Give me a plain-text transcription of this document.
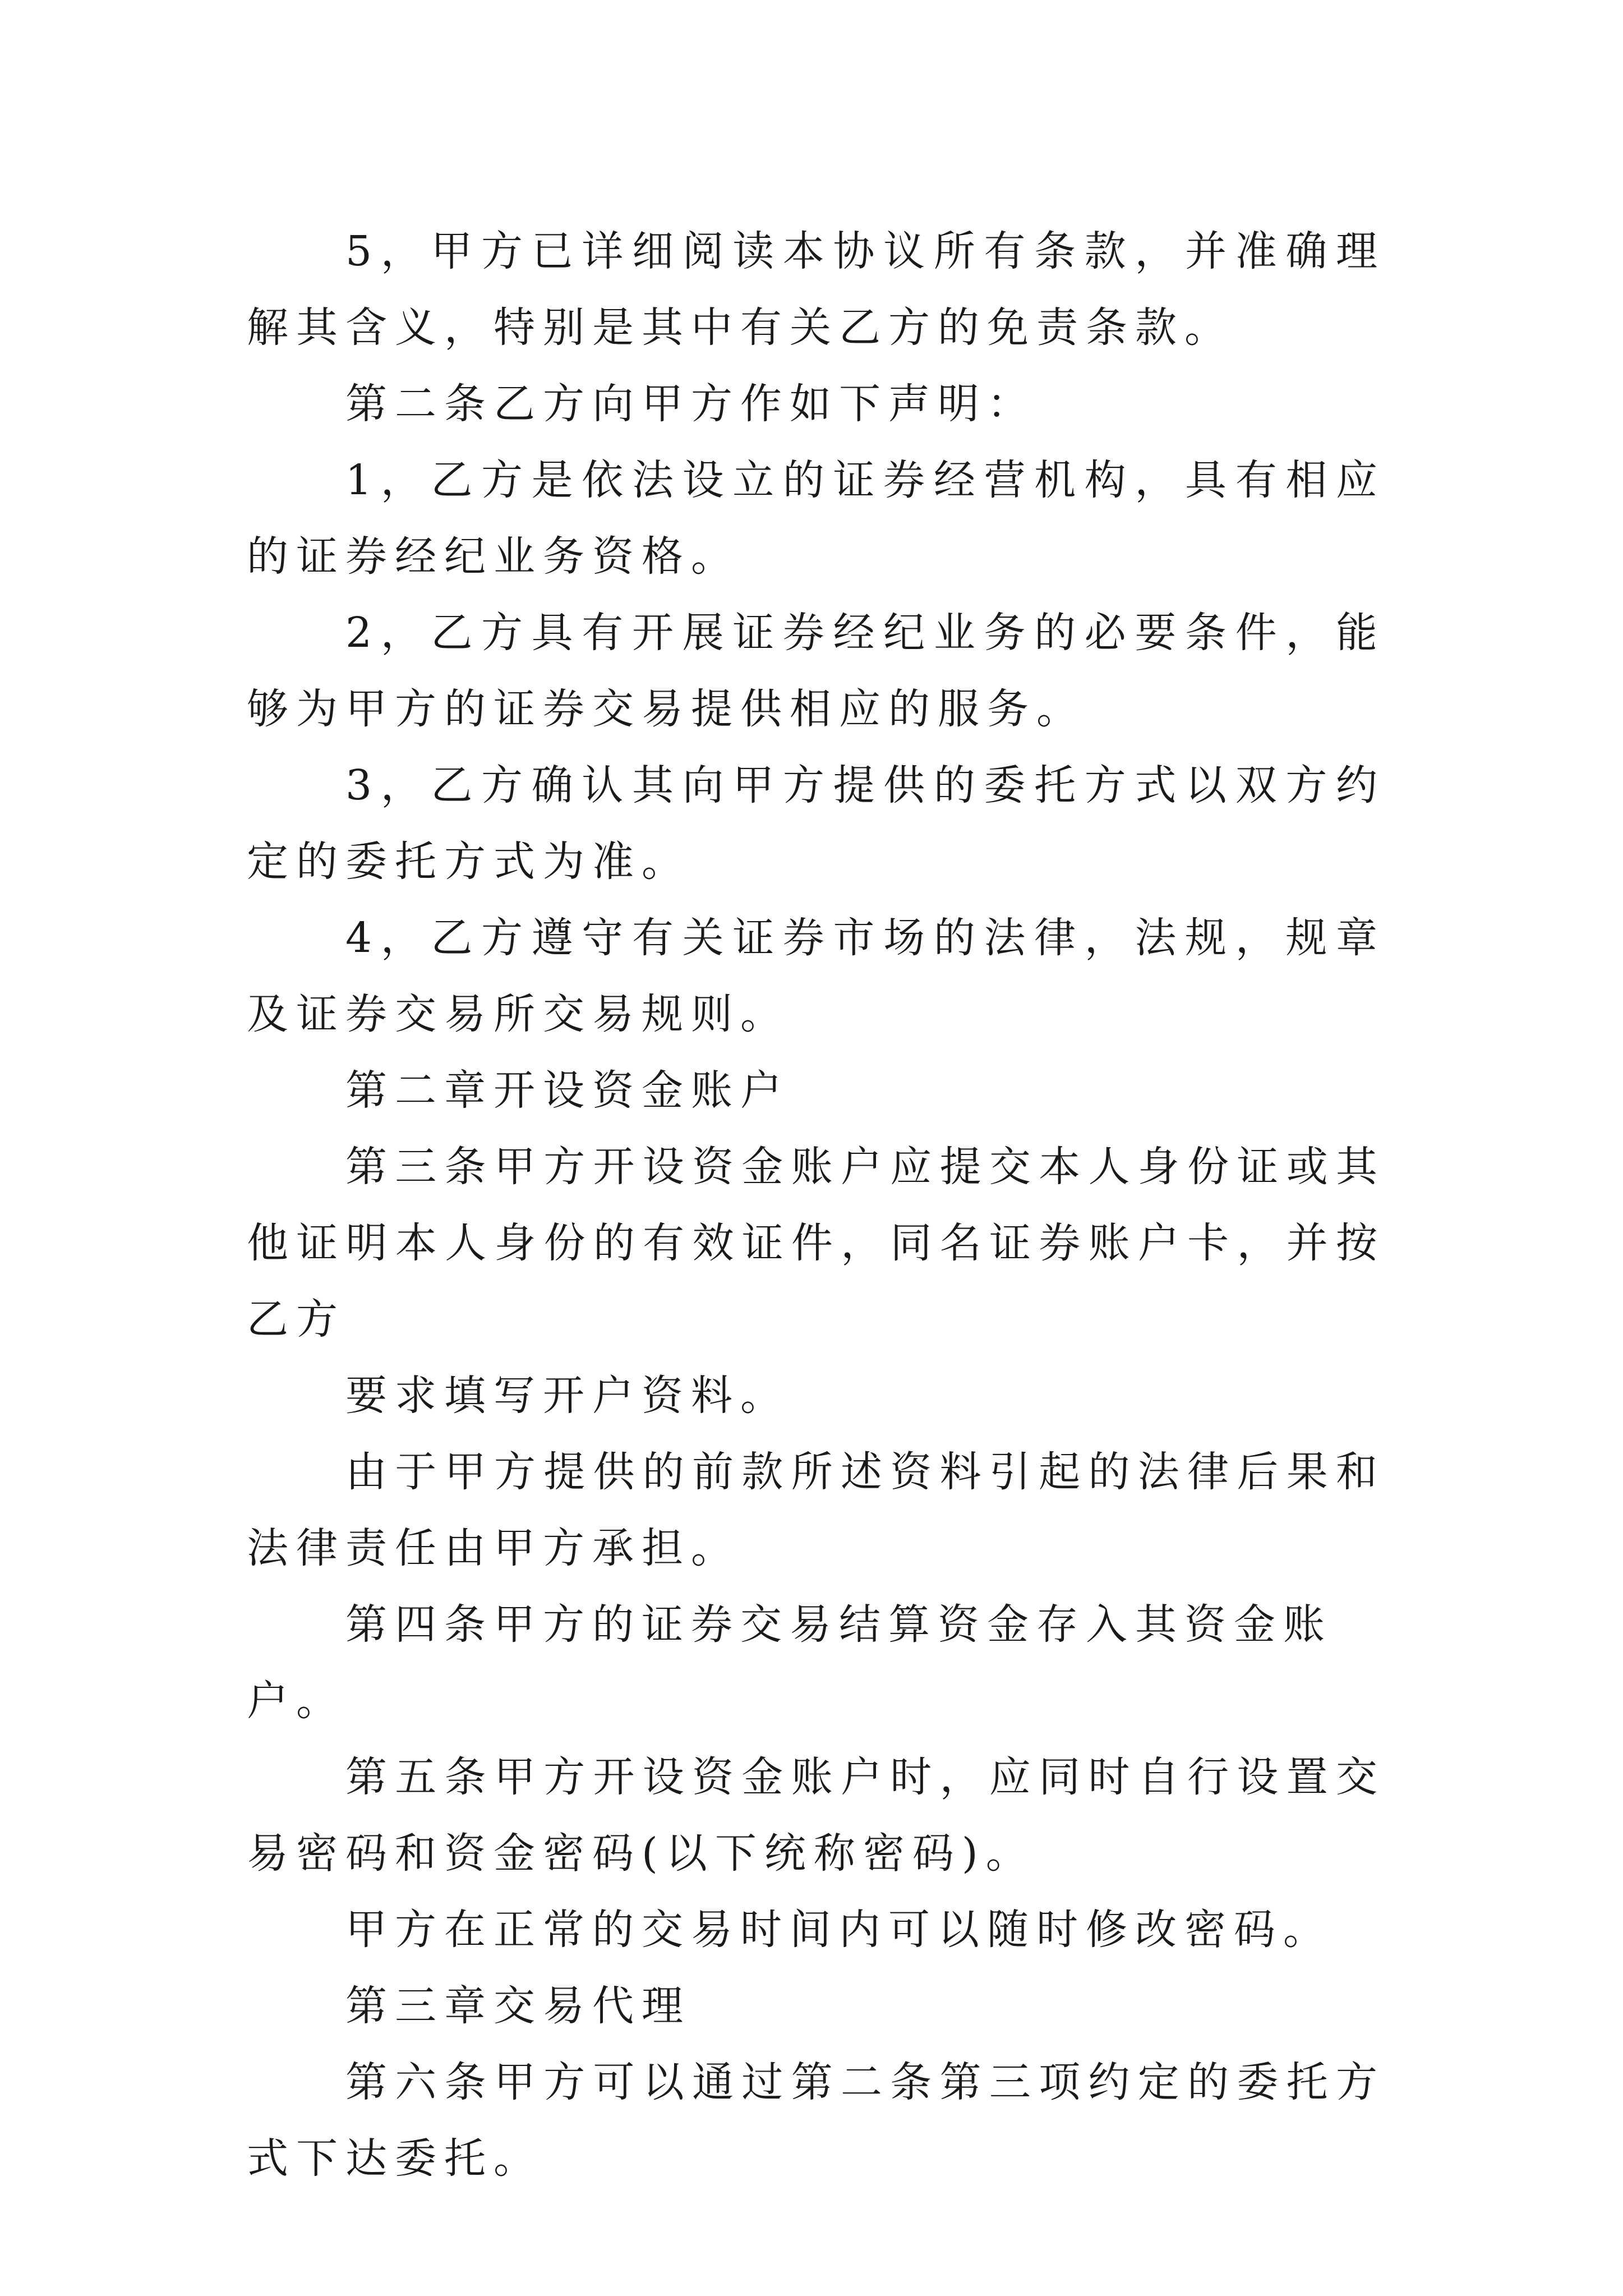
5，甲方已详细阅读本协议所有条款，并准确理解其含义，特别是其中有关乙方的免责条款。

第二条乙方向甲方作如下声明：

1，乙方是依法设立的证券经营机构，具有相应的证券经纪业务资格。

2，乙方具有开展证券经纪业务的必要条件，能够为甲方的证券交易提供相应的服务。

3，乙方确认其向甲方提供的委托方式以双方约定的委托方式为准。

4，乙方遵守有关证券市场的法律，法规，规章及证券交易所交易规则。

第二章开设资金账户

第三条甲方开设资金账户应提交本人身份证或其他证明本人身份的有效证件，同名证券账户卡，并按乙方

要求填写开户资料。

由于甲方提供的前款所述资料引起的法律后果和法律责任由甲方承担。

第四条甲方的证券交易结算资金存入其资金账户。

第五条甲方开设资金账户时，应同时自行设置交易密码和资金密码(以下统称密码)。

甲方在正常的交易时间内可以随时修改密码。

第三章交易代理

第六条甲方可以通过第二条第三项约定的委托方式下达委托。
